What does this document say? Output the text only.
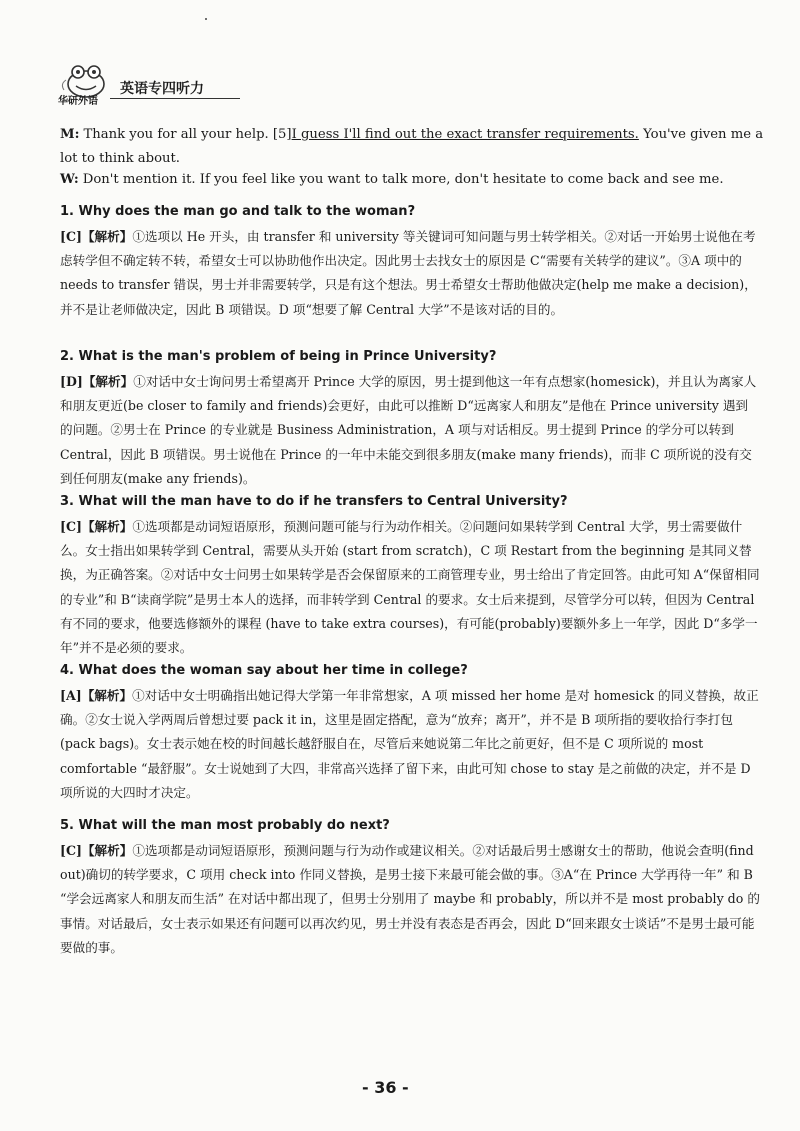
华研外语
英语专四听力
M: Thank you for all your help. [5]I guess I'll find out the exact transfer requirements. You've given me a lot to think about.
W: Don't mention it. If you feel like you want to talk more, don't hesitate to come back and see me.
1. Why does the man go and talk to the woman?
[C]【解析】①选项以 He 开头，由 transfer 和 university 等关键词可知问题与男士转学相关。②对话一开始男士说他在考虑转学但不确定转不转，希望女士可以协助他作出决定。因此男士去找女士的原因是 C“需要有关转学的建议”。③A 项中的 needs to transfer 错误，男士并非需要转学，只是有这个想法。男士希望女士帮助他做决定(help me make a decision)，并不是让老师做决定，因此 B 项错误。D 项“想要了解 Central 大学”不是该对话的目的。
2. What is the man's problem of being in Prince University?
[D]【解析】①对话中女士询问男士希望离开 Prince 大学的原因，男士提到他这一年有点想家(homesick)，并且认为离家人和朋友更近(be closer to family and friends)会更好，由此可以推断 D“远离家人和朋友”是他在 Prince university 遇到的问题。②男士在 Prince 的专业就是 Business Administration，A 项与对话相反。男士提到 Prince 的学分可以转到 Central，因此 B 项错误。男士说他在 Prince 的一年中未能交到很多朋友(make many friends)，而非 C 项所说的没有交到任何朋友(make any friends)。
3. What will the man have to do if he transfers to Central University?
[C]【解析】①选项都是动词短语原形，预测问题可能与行为动作相关。②问题问如果转学到 Central 大学，男士需要做什么。女士指出如果转学到 Central，需要从头开始 (start from scratch)，C 项 Restart from the beginning 是其同义替换，为正确答案。②对话中女士问男士如果转学是否会保留原来的工商管理专业，男士给出了肯定回答。由此可知 A“保留相同的专业”和 B“读商学院”是男士本人的选择，而非转学到 Central 的要求。女士后来提到，尽管学分可以转，但因为 Central 有不同的要求，他要选修额外的课程 (have to take extra courses)，有可能(probably)要额外多上一年学，因此 D“多学一年”并不是必须的要求。
4. What does the woman say about her time in college?
[A]【解析】①对话中女士明确指出她记得大学第一年非常想家，A 项 missed her home 是对 homesick 的同义替换，故正确。②女士说入学两周后曾想过要 pack it in，这里是固定搭配，意为“放弃；离开”，并不是 B 项所指的要收拾行李打包(pack bags)。女士表示她在校的时间越长越舒服自在，尽管后来她说第二年比之前更好，但不是 C 项所说的 most comfortable “最舒服”。女士说她到了大四，非常高兴选择了留下来，由此可知 chose to stay 是之前做的决定，并不是 D 项所说的大四时才决定。
5. What will the man most probably do next?
[C]【解析】①选项都是动词短语原形，预测问题与行为动作或建议相关。②对话最后男士感谢女士的帮助，他说会查明(find out)确切的转学要求，C 项用 check into 作同义替换，是男士接下来最可能会做的事。③A“在 Prince 大学再待一年” 和 B “学会远离家人和朋友而生活” 在对话中都出现了，但男士分别用了 maybe 和 probably，所以并不是 most probably do 的事情。对话最后，女士表示如果还有问题可以再次约见，男士并没有表态是否再会，因此 D“回来跟女士谈话”不是男士最可能要做的事。
- 36 -
